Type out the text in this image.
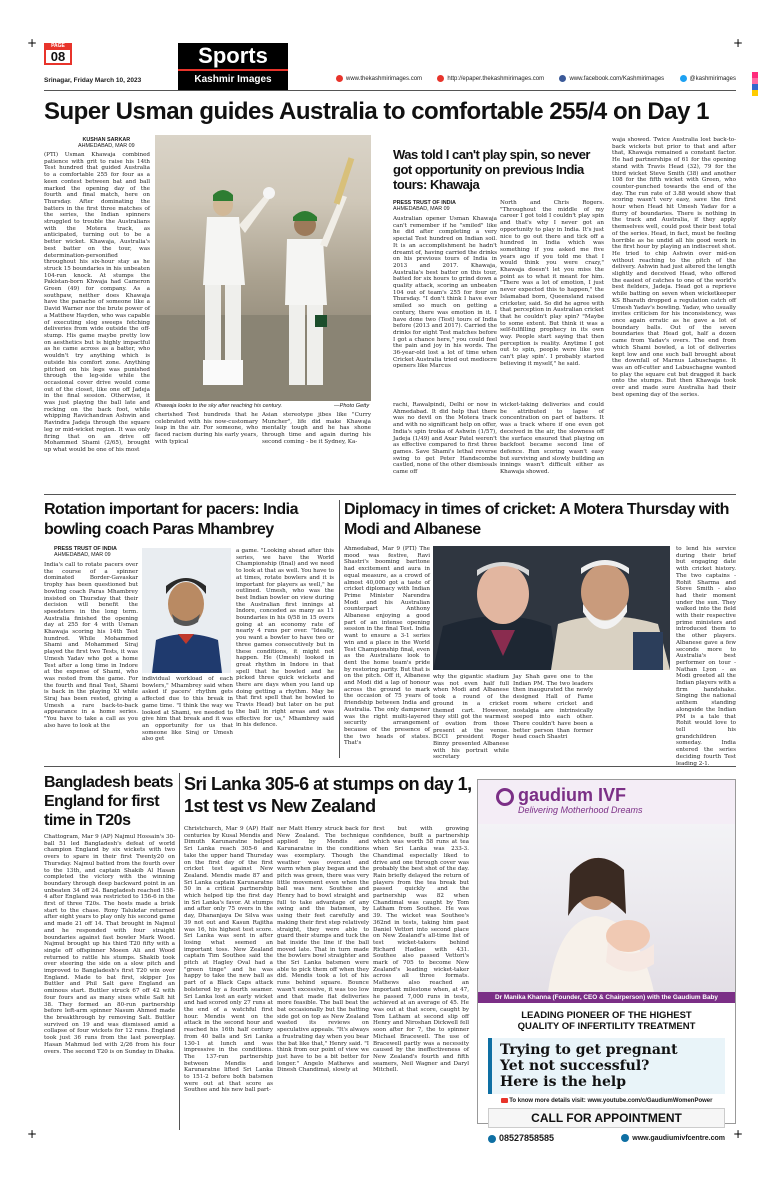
+	+
+	+
PAGE
08
Srinagar, Friday March 10, 2023
Sports
Kashmir Images	www.thekashmirimages.com	http://epaper.thekashmirimages.com	www.facebook.com/Kashmirimages	@kashmirimages
Super Usman guides Australia to comfortable 255/4 on Day 1
KUSHAN SARKAR
AHMEDABAD, MAR 09
(PTI) Usman Khawaja combined patience with grit to raise his 14th Test hundred that guided Australia to a comfortable 255 for four as a keen contest between bat and ball marked the opening day of the fourth and final match, here on Thursday. After dominating the batters in the first three matches of the series, the Indian spinners struggled to trouble the Australians with the Motera track, as anticipated, turning out to be a better wicket. Khawaja, Australia's best batter on the tour, was determination-personified throughout his six-hour stay as he struck 15 boundaries in his unbeaten 104-run knock. At stumps the Pakistan-born Khwaja had Cameron Green (49) for company. As a southpaw, neither does Khawaja have the panache of someone like a David Warner nor the brute power of a Matthew Hayden, who was capable of executing slog sweeps fetching deliveries from wide outside the off-stump. His game maybe pretty low on aesthetics but is highly impactful as he came across as a batter, who wouldn't try anything which is outside his comfort zone. Anything pitched on his legs was punished through the leg-side while the occasional cover drive would come out of the closet, like one off Jadeja in the final session. Otherwise, it was just playing the ball late and rocking on the back foot, while whipping Ravichandran Ashwin and Ravindra Jadeja through the square leg or mid-wicket region. It was only firing that on an drive off Mohammed Shami (2/65), brought up what would be one of his most
Khawaja looks to the sky after reaching his century.	—Photo Getty
cherished Test hundreds that he celebrated with his now-customary leap in the air. For someone, who faced racism during his early years, with typical
Asian stereotype jibes like "Curry Muncher", life did make Khawaja mentally tough and he has shone through time and again during his second coming - be it Sydney, Ka-
Was told I can't play spin, so never got opportunity on previous India tours: Khawaja
PRESS TRUST OF INDIA
AHMEDABAD, MAR 09
Australian opener Usman Khawaja can't remember if he "smiled" like he did after completing a very special Test hundred on Indian soil. It is an accomplishment he hadn't dreamt of, having carried the drinks on his previous tours of India in 2013 and 2017. Khawaja, Australia's best batter on this tour, batted for six hours to grind down a quality attack, scoring an unbeaten 104 out of team's 255 for four on Thursday. "I don't think I have ever smiled so much on getting a century, there was emotion in it. I have done two (Test) tours of India before (2013 and 2017). Carried the drinks for eight Test matches before I got a chance here," you could feel the pain and joy in his words. The 36-year-old lost a lot of time when Cricket Australia tried out mediocre openers like Marcus
North and Chris Rogers. "Throughout the middle of my career I got told I couldn't play spin and that's why I never got an opportunity to play in India. It's just nice to go out there and tick off a hundred in India which was something if you asked me five years ago if you told me that I would think you were crazy," Khawaja doesn't let you miss the point as to what it meant for him. "There was a lot of emotion, I just never expected this to happen," the Islamabad born, Queensland raised cricketer, said. So did he agree with that perception in Australian cricket that he couldn't play spin? "Maybe to some extent. But think it was a self-fulfilling prophecy in its own way. People start saying that then perception is reality. Anytime I got out to spin, people were like you can't play spin'. I probably started believing it myself," he said.
rachi, Rawalpindi, Delhi or now in Ahmedabad. It did help that there was no devil on the Motera track and with no significant help on offer, India's spin troika of Ashwin (1/57), Jadeja (1/49) and Axar Patel weren't as effective compared to first three games. Save Shami's lethal reverse swing to get Peter Handscombe castled, none of the other dismissals came off
wicket-taking deliveries and could be attributed to lapse of concentration on part of batters. It was a track where if one even got deceived in the air, the slowness off the surface ensured that playing on backfoot became second line of defence. Run scoring wasn't easy but surviving and slowly building an innings wasn't difficult either as Khawaja showed.
waja showed. Twice Australia lost back-to-back wickets but prior to that and after that, Khawaja remained a constant factor. He had partnerships of 61 for the opening stand with Travis Head (32), 79 for the third wicket Steve Smith (38) and another 108 for the fifth wicket with Green, who counter-punched towards the end of the day. The run rate of 3.88 would show that scoring wasn't very easy, save the first hour when Head hit Umesh Yadav for a flurry of boundaries. There is nothing in the track and Australia, if they apply themselves well, could post their best total of the series. Head, in fact, must be feeling horrible as he undid all his good work in the first hour by playing an indiscreet shot. He tried to chip Ashwin over mid-on without reaching to the pitch of the delivery. Ashwin had just altered the length slightly and deceived Head, who offered the easiest of catches to one of the world's best fielders, Jadeja. Head got a reprieve while batting on seven when wicketkeeper KS Bharath dropped a regulation catch off Umesh Yadav's bowling. Yadav, who usually invites criticism for his inconsistency, was once again erratic as he gave a lot of boundary balls. Out of the seven boundaries that Head got, half a dozen came from Yadav's overs. The end from which Shami bowled, a lot of deliveries kept low and one such ball brought about the downfall of Marnus Labuschagne. It was an off-cutter and Labuschagne wanted to play the square cut but dragged it back onto the stumps. But then Khawaja took over and made sure Australia had their best opening day of the series.
Rotation important for pacers: India bowling coach Paras Mhambrey
PRESS TRUST OF INDIA
AHMEDABAD, MAR 09
India's call to rotate pacers over the course of a spinner dominated Border-Gavaskar trophy has been questioned but bowling coach Paras Mhambrey insisted on Thursday that their decision will benefit the speedsters in the long term. Australia finished the opening day at 255 for 4 with Usman Khawaja scoring his 14th Test hundred. While Mohammed Shami and Mohammed Siraj played the first two Tests, it was Umesh Yadav who got a home Test after a long time in Indore at the expense of Shami, who was rested from the game. For the fourth and final Test, Shami is back in the playing XI while Siraj has been rested, giving a Umesh a rare back-to-back appearance in a home series. "You have to take a call as you also have to look at the
individual workload of each bowlers," Mhambrey said when asked if pacers' rhythm gets affected due to this break in game time. "I think the way we looked at Shami, we needed to give him that break and it was an opportunity for us that someone like Siraj or Umesh also get
a game. "Looking ahead after this series, we have the World Championship (final) and we need to look at that as well. You have to at times, rotate bowlers and it is important for players as well," he outlined. Umesh, who was the best Indian bowler on view during the Australian first innings at Indore, conceded as many as 11 boundaries in his 0/58 in 15 overs going at an economy rate of nearly 4 runs per over. "Ideally, you want a bowler to have two or three games consecutively but in these conditions, it might not happen. He (Umesh) looked in great rhythm in Indore in that spell that he bowled and he picked three quick wickets and there are days when you land up doing getting a rhythm. May be that first spell that he bowled to Travis Head) but later on he put the ball in right areas and was effective for us," Mhambrey said in his defence.
Diplomacy in times of cricket: A Motera Thursday with Modi and Albanese
Ahmedabad, Mar 9 (PTI) The mood was festive, Ravi Shastri's booming baritone had excitement and aura in equal measure, as a crowd of almost 40,000 got a taste of cricket diplomacy with Indian Prime Minister Narendra Modi and his Australian counterpart Anthony Albanese enjoying a good part of an intense opening session in the final Test. India want to ensure a 3-1 series win and a place in the World Test Championship final, even as the Australians look to dent the home team's pride by restoring parity. But that is on the pitch. Off it, Albanese and Modi did a lap of honour across the ground to mark the occasion of 75 years of friendship between India and Australia. The only dampener was the right multi-layered security arrangement because of the presence of the two heads of states. That's
why the gigantic stadium was not even half full when Modi and Albanese took a round of the ground in a cricket themed cart. However, they still got the warmest of ovation from those present at the venue. BCCI president Roger Binny presented Albanese with his portrait while secretary
Jay Shah gave one to the Indian PM. The two leaders then inaugurated the newly designed Hall of Fame room where cricket and nostalgia are intrinsically seeped into each other. There couldn't have been a better person than former head coach Shastri
to lend his service during their brief but engaging date with cricket history. The two captains - Rohit Sharma and Steve Smith - also had their moment under the sun. They walked into the field with their respective prime ministers and introduced them to the other players. Albanese gave a few seconds more to Australia's best performer on tour - Nathan Lyon - as Modi greeted all the Indian players with a firm handshake. Singing the national anthem standing alongside the Indian PM is a tale that Rohit would love to tell his grandchildren someday. India entered the series deciding fourth Test leading 2-1.
Bangladesh beats England for first time in T20s
Chattogram, Mar 9 (AP) Najmul Hossain's 30-ball 51 led Bangladesh's defeat of world champion England by six wickets with two overs to spare in their first Twenty20 on Thursday. Najmul batted from the fourth over to the 13th, and captain Shakib Al Hasan completed the victory with the winning boundary through deep backward point in an unbeaten 34 off 24. Bangladesh reached 158-4 after England was restricted to 156-6 in the first of three T20s. The hosts made a brisk start to the chase. Rony Talukdar returned after eight years to play only his second game and made 21 off 14. That brought in Najmul and he responded with four straight boundaries against fast bowler Mark Wood. Najmul brought up his third T20 fifty with a single off offspinner Moeen Ali and Wood returned to rattle his stumps. Shakib took over steering the side on a slow pitch and improved to Bangladesh's first T20 win over England. Made to bat first, skipper Jos Buttler and Phil Salt gave England an ominous start. Buttler struck 67 off 42 with four fours and as many sixes while Salt hit 38. They formed an 80-run partnership before left-arm spinner Nasum Ahmed made the breakthrough by removing Salt. Buttler survived on 19 and was dismissed amid a collapse of four wickets for 12 runs. England took just 36 runs from the last powerplay. Hasan Mahmud led with 2/26 from his four overs. The second T20 is on Sunday in Dhaka.
Sri Lanka 305-6 at stumps on day 1, 1st test vs New Zealand
Christchurch, Mar 9 (AP) Half centuries by Kusal Mendis and Dimuth Karunaratne helped Sri Lanka reach 305-6 and take the upper hand Thursday on the first day of the first cricket test against New Zealand. Mendis made 87 and Sri Lanka captain Karunaratne 50 in a critical partnership which helped tip the first day in Sri Lanka's favor. At stumps and after only 75 overs in the day, Dhananjaya De Silva was 39 not out and Kasun Rajitha was 16, his highest test score. Sri Lanka was sent in after losing what seemed an important toss. New Zealand captain Tim Southee said the pitch at Hagley Oval had a "green tinge" and he was happy to take the new ball as part of a Black Caps attack bolstered by a fourth seamer. Sri Lanka lost an early wicket and had scored only 27 runs at the end of a watchful first hour. Mendis went on the attack in the second hour and reached his 16th half century from 40 balls and Sri Lanka 130-1 at lunch and was impressive in the conditions. The 137-run partnership between Mendis and Karunaratne lifted Sri Lanka to 151-2 before both batsmen were out at that score as Southee and his new ball part-
ner Matt Henry struck back for New Zealand. The technique applied by Mendis and Karunaratne in the conditions was exemplary. Though the weather was overcast and warm when play began and the pitch was green, there was very little movement even when the ball was new. Southee and Henry had to bowl straight and full to take advantage of any swing and the batsmen, by using their feet carefully and making their first step relatively straight, they were able to guard their stumps and tuck the bat inside the line if the ball moved late. That in turn made the bowlers bowl straighter and the Sri Lanka batsmen were able to pick them off when they did. Mendis took a lot of his runs behind square. Bounce wasn't excessive, it was too low and that made flat deliveries more feasible. The ball beat the bat occasionally but the batting side got on top as New Zealand wasted its reviews on speculative appeals. "It's always a frustrating day when you bear the bat like that," Henry said. "I think from our point of view we just have to be a bit better for longer." Angelo Mathews and Dinesh Chandimal, slowly at
first but with growing confidence, built a partnership which was worth 58 runs at tea when Sri Lanka was 233-3. Chandimal especially liked to drive and one through cover was probably the best shot of the day. Rain briefly delayed the return of players from the tea break but passed quickly and the partnership was 82 when Chandimal was caught by Tom Latham from Southee. He was 39. The wicket was Southee's 362nd in tests, taking him past Daniel Vettori into second place on New Zealand's all-time list of test wicket-takers behind Richard Hadlee with 431. Southee also passed Vettori's mark of 705 to become New Zealand's leading wicket-taker across all three formats. Mathews also reached an important milestone when, at 47, he passed 7,000 runs in tests, achieved at an average of 45. He was out at that score, caught by Tom Latham at second slip off Henry and Niroshan Dickwell fell soon after for 7, the to spinner Michael Bracewell. The use of Bracewell partly was a necessity caused by the ineffectiveness of New Zealand's fourth and fifth seamers, Neil Wagner and Daryl Mitchell.
gaudium IVF
Delivering Motherhood Dreams
Dr Manika Khanna (Founder, CEO & Chairperson) with the Gaudium Baby
LEADING PIONEER OF THE HIGHEST
QUALITY OF INFERTILITY TREATMENT
Trying to get pregnant
Yet not successful?
Here is the help
To know more details visit: www.youtube.com/c/GaudiumWomenPower
CALL FOR APPOINTMENT
08527858585	www.gaudiumivfcentre.com
